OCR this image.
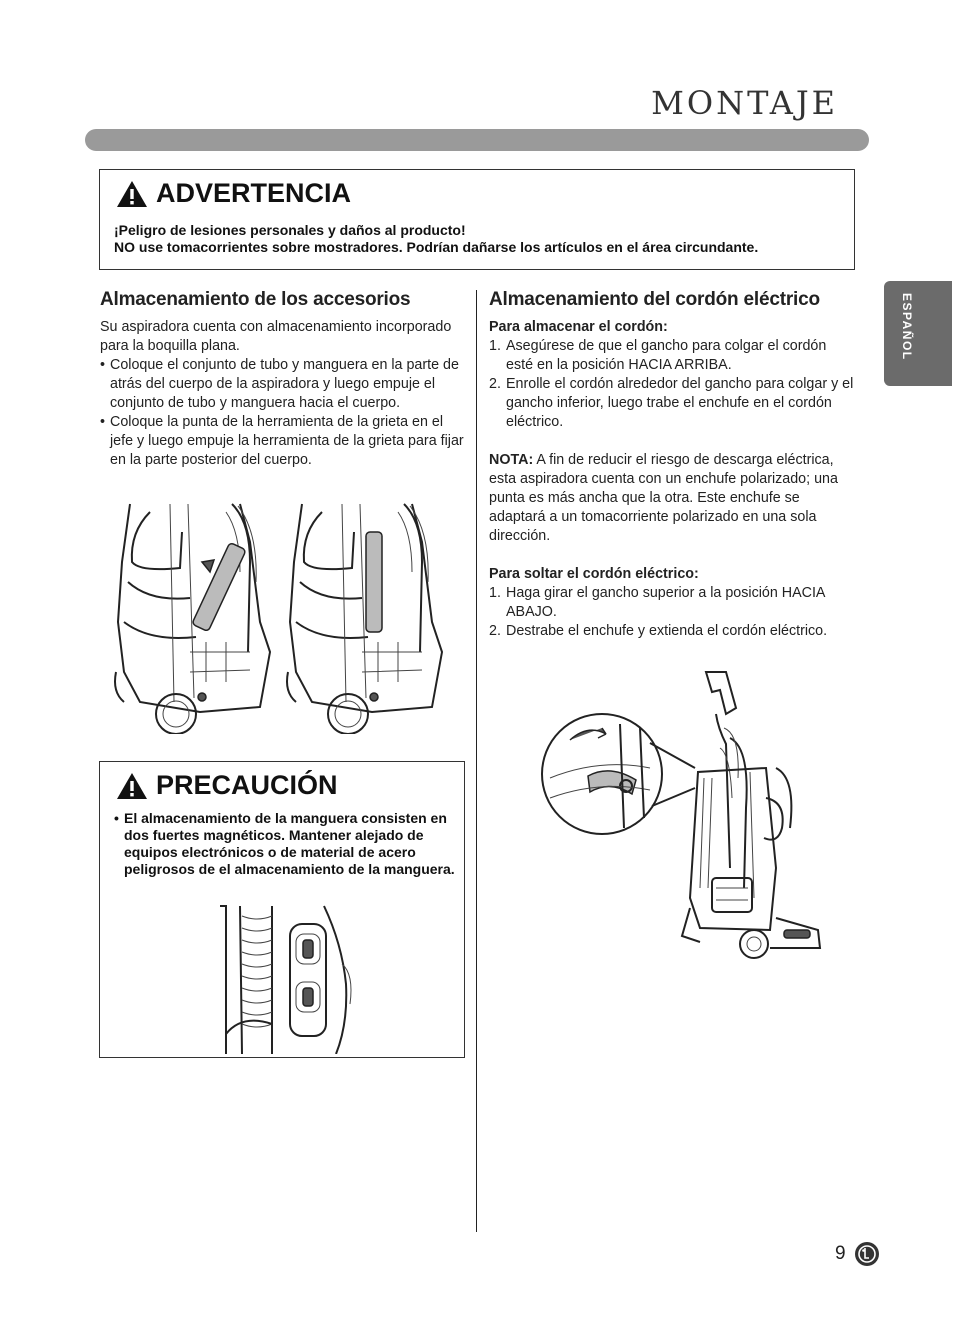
MONTAJE
ESPAÑOL
ADVERTENCIA
¡Peligro de lesiones personales y daños al producto!
NO use tomacorrientes sobre mostradores. Podrían dañarse los artículos en el área circundante.
Almacenamiento de los accesorios
Su aspiradora cuenta con almacenamiento incorporado para la boquilla plana.
• Coloque el conjunto de tubo y manguera en la parte de atrás del cuerpo de la aspiradora y luego empuje el conjunto de tubo y manguera hacia el cuerpo.
• Coloque la punta de la herramienta de la grieta en el jefe y luego empuje la herramienta de la grieta para fijar en la parte posterior del cuerpo.
PRECAUCIÓN
• El almacenamiento de la manguera consisten en dos fuertes magnéticos. Mantener alejado de equipos electrónicos o de material de acero peligrosos de el almacenamiento de la manguera.
Almacenamiento del cordón eléctrico
Para almacenar el cordón:
1. Asegúrese de que el gancho para colgar el cordón esté en la posición HACIA ARRIBA.
2. Enrolle el cordón alrededor del gancho para colgar y el gancho inferior, luego trabe el enchufe en el cordón eléctrico.
NOTA: A fin de reducir el riesgo de descarga eléctrica, esta aspiradora cuenta con un enchufe polarizado; una punta es más ancha que la otra. Este enchufe se adaptará a un tomacorriente polarizado en una sola dirección.
Para soltar el cordón eléctrico:
1. Haga girar el gancho superior a la posición HACIA ABAJO.
2. Destrabe el enchufe y extienda el cordón eléctrico.
9
